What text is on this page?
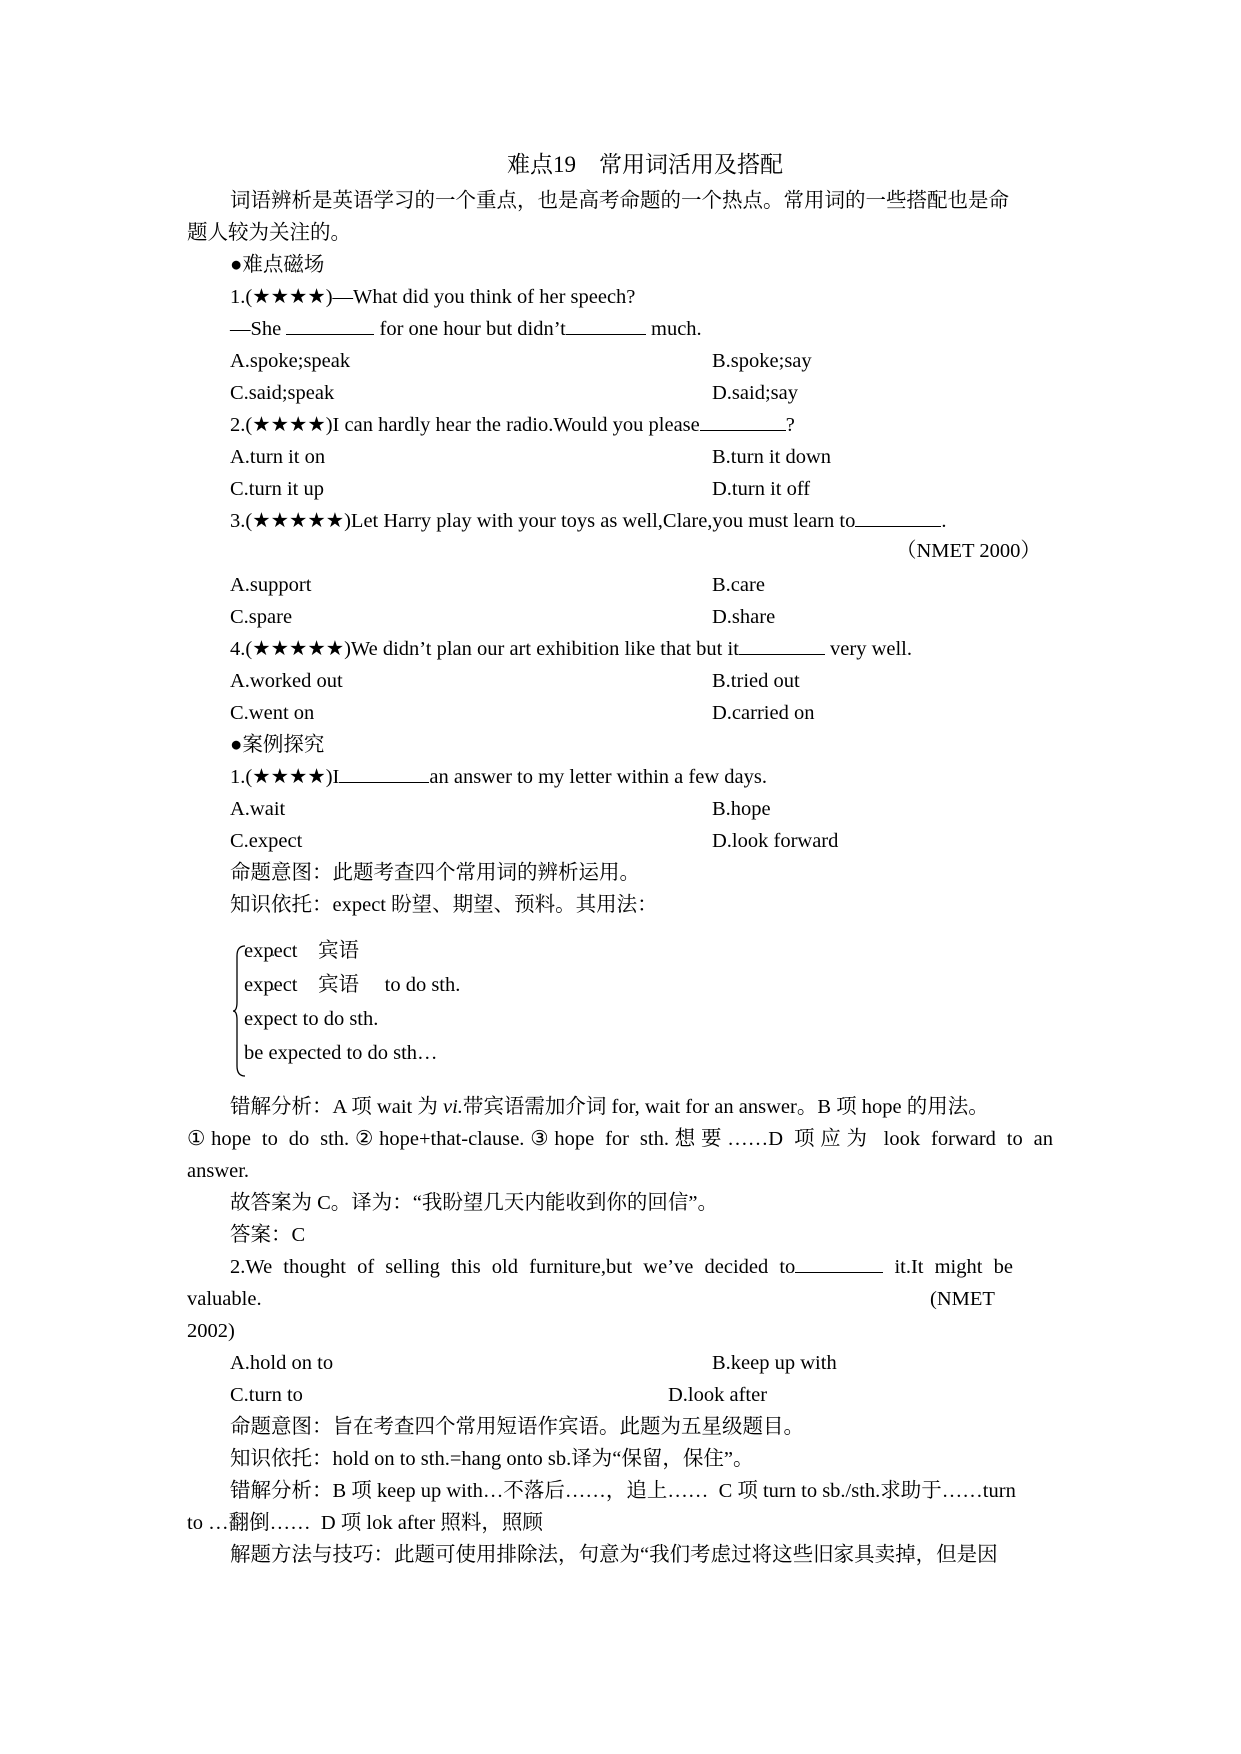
难点19　常用词活用及搭配
词语辨析是英语学习的一个重点，也是高考命题的一个热点。常用词的一些搭配也是命
题人较为关注的。
●难点磁场
1.(★★★★)—What did you think of her speech?
—She	for one hour but didn’t	much.
A.spoke;speak	B.spoke;say
C.said;speak	D.said;say
2.(★★★★)I can hardly hear the radio.Would you please	?
A.turn it on	B.turn it down
C.turn it up	D.turn it off
3.(★★★★★)Let Harry play with your toys as well,Clare,you must learn to	.
（NMET 2000）
A.support	B.care
C.spare	D.share
4.(★★★★★)We didn’t plan our art exhibition like that but it	very well.
A.worked out	B.tried out
C.went on	D.carried on
●案例探究
1.(★★★★)I	an answer to my letter within a few days.
A.wait	B.hope
C.expect	D.look forward
命题意图：此题考查四个常用词的辨析运用。
知识依托：expect 盼望、期望、预料。其用法：
expect ·　宾语
expect ·　宾语　 to do sth.
expect to do sth.
be expected to do sth…
错解分析：A 项 wait 为 vi.带宾语需加介词 for, wait for an answer。B 项 hope 的用法。
①hope to do sth.②hope+that-clause.③hope for sth.想要……D 项应为 look forward to an
answer.
故答案为 C。译为：“我盼望几天内能收到你的回信”。
答案：C
2.We thought of selling this old furniture,but we’ve decided to	it.It might be
valuable.	(NMET
2002)
A.hold on to	B.keep up with
C.turn to	D.look after
命题意图：旨在考查四个常用短语作宾语。此题为五星级题目。
知识依托：hold on to sth.=hang onto sb.译为“保留，保住”。
错解分析：B 项 keep up with…不落后……，追上……  C 项 turn to sb./sth.求助于……turn
to …翻倒……  D 项 lok after 照料，照顾
解题方法与技巧：此题可使用排除法，句意为“我们考虑过将这些旧家具卖掉，但是因
